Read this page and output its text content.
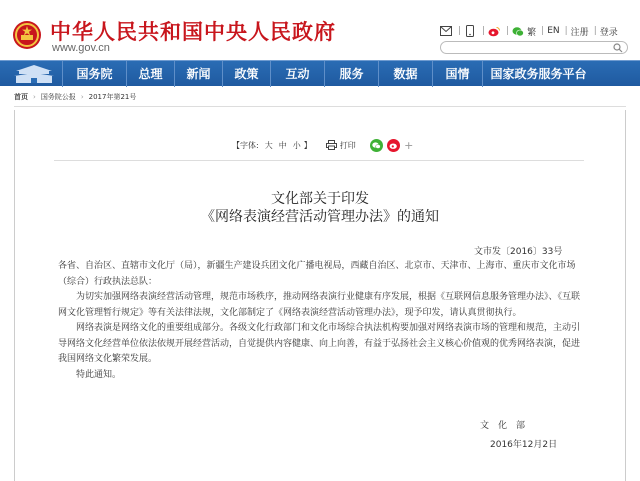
中华人民共和国中央人民政府
www.gov.cn
| | | 繁 | EN | 注册 | 登录
国务院	总理	新闻	政策	互动	服务	数据	国情	国家政务服务平台
首页 › 国务院公报 › 2017年第21号
【字体: 大 中 小 】	打印	+
文化部关于印发
《网络表演经营活动管理办法》的通知
文市发〔2016〕33号

各省、自治区、直辖市文化厅（局），新疆生产建设兵团文化广播电视局，西藏自治区、北京市、天津市、上海市、重庆市文化市场（综合）行政执法总队：

为切实加强网络表演经营活动管理，规范市场秩序，推动网络表演行业健康有序发展，根据《互联网信息服务管理办法》、《互联网文化管理暂行规定》等有关法律法规，文化部制定了《网络表演经营活动管理办法》，现予印发，请认真贯彻执行。

网络表演是网络文化的重要组成部分。各级文化行政部门和文化市场综合执法机构要加强对网络表演市场的管理和规范，主动引导网络文化经营单位依法依规开展经营活动，自觉提供内容健康、向上向善，有益于弘扬社会主义核心价值观的优秀网络表演，促进我国网络文化繁荣发展。

特此通知。

文　化　部
2016年12月2日
